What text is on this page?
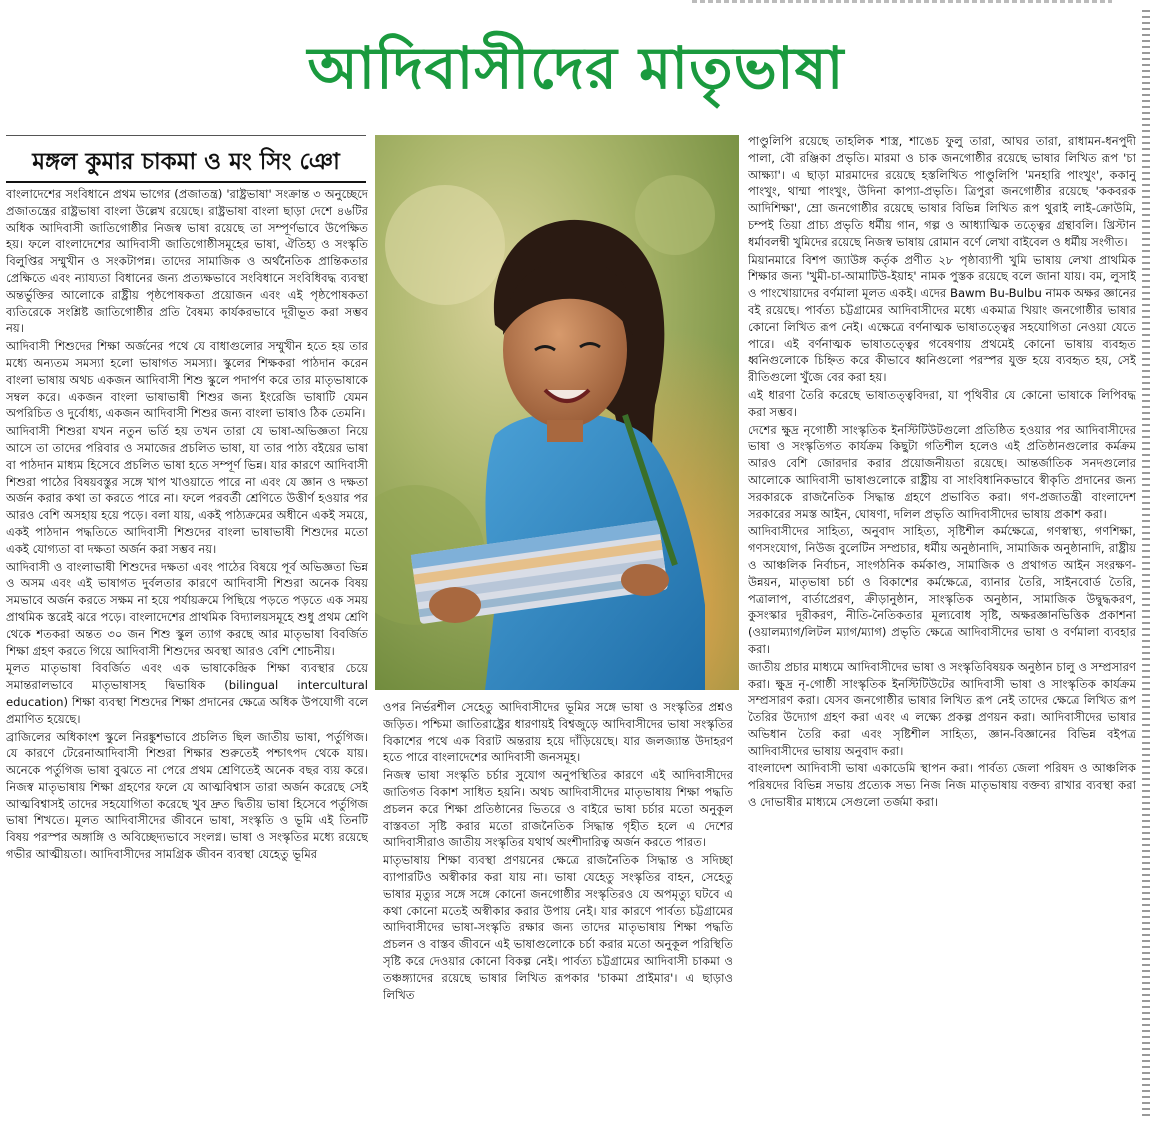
আদিবাসীদের মাতৃভাষা
মঙ্গল কুমার চাকমা ও মং সিং ঞো

বাংলাদেশের সংবিধানে প্রথম ভাগের (প্রজাতন্ত্র) 'রাষ্ট্রভাষা' সংক্রান্ত ৩ অনুচ্ছেদে প্রজাতন্ত্রের রাষ্ট্রভাষা বাংলা উল্লেখ রয়েছে। রাষ্ট্রভাষা বাংলা ছাড়া দেশে ৪৬টির অধিক আদিবাসী জাতিগোষ্ঠীর নিজস্ব ভাষা রয়েছে তা সম্পূর্ণভাবে উপেক্ষিত হয়। ফলে বাংলাদেশের আদিবাসী জাতিগোষ্ঠীসমূহের ভাষা, ঐতিহ্য ও সংস্কৃতি বিলুপ্তির সম্মুখীন ও সংকটাপন্ন। তাদের সামাজিক ও অর্থনৈতিক প্রান্তিকতার প্রেক্ষিতে এবং ন্যায্যতা বিধানের জন্য প্রত্যক্ষভাবে সংবিধানে সংবিধিবদ্ধ ব্যবস্থা অন্তর্ভুক্তির আলোকে রাষ্ট্রীয় পৃষ্ঠপোষকতা প্রয়োজন এবং এই পৃষ্ঠপোষকতা ব্যতিরেকে সংশ্লিষ্ট জাতিগোষ্ঠীর প্রতি বৈষম্য কার্যকরভাবে দূরীভূত করা সম্ভব নয়।

আদিবাসী শিশুদের শিক্ষা অর্জনের পথে যে বাধাগুলোর সম্মুখীন হতে হয় তার মধ্যে অন্যতম সমস্যা হলো ভাষাগত সমস্যা। স্কুলের শিক্ষকরা পাঠদান করেন বাংলা ভাষায় অথচ একজন আদিবাসী শিশু স্কুলে পদার্পণ করে তার মাতৃভাষাকে সম্বল করে। একজন বাংলা ভাষাভাষী শিশুর জন্য ইংরেজি ভাষাটি যেমন অপরিচিত ও দুর্বোধ্য, একজন আদিবাসী শিশুর জন্য বাংলা ভাষাও ঠিক তেমনি।

আদিবাসী শিশুরা যখন নতুন ভর্তি হয় তখন তারা যে ভাষা-অভিজ্ঞতা নিয়ে আসে তা তাদের পরিবার ও সমাজের প্রচলিত ভাষা, যা তার পাঠ্য বইয়ের ভাষা বা পাঠদান মাধ্যম হিসেবে প্রচলিত ভাষা হতে সম্পূর্ণ ভিন্ন। যার কারণে আদিবাসী শিশুরা পাঠের বিষয়বস্তুর সঙ্গে খাপ খাওয়াতে পারে না এবং যে জ্ঞান ও দক্ষতা অর্জন করার কথা তা করতে পারে না। ফলে পরবর্তী শ্রেণিতে উত্তীর্ণ হওয়ার পর আরও বেশি অসহায় হয়ে পড়ে। বলা যায়, একই পাঠ্যক্রমের অধীনে একই সময়ে, একই পাঠদান পদ্ধতিতে আদিবাসী শিশুদের বাংলা ভাষাভাষী শিশুদের মতো একই যোগ্যতা বা দক্ষতা অর্জন করা সম্ভব নয়।

আদিবাসী ও বাংলাভাষী শিশুদের দক্ষতা এবং পাঠের বিষয়ে পূর্ব অভিজ্ঞতা ভিন্ন ও অসম এবং এই ভাষাগত দুর্বলতার কারণে আদিবাসী শিশুরা অনেক বিষয় সমভাবে অর্জন করতে সক্ষম না হয়ে পর্যায়ক্রমে পিছিয়ে পড়তে পড়তে এক সময় প্রাথমিক স্তরেই ঝরে পড়ে। বাংলাদেশের প্রাথমিক বিদ্যালয়সমূহে শুধু প্রথম শ্রেণি থেকে শতকরা অন্তত ৩০ জন শিশু স্কুল ত্যাগ করছে আর মাতৃভাষা বিবর্জিত শিক্ষা গ্রহণ করতে গিয়ে আদিবাসী শিশুদের অবস্থা আরও বেশি শোচনীয়।

মূলত মাতৃভাষা বিবর্জিত এবং এক ভাষাকেন্দ্রিক শিক্ষা ব্যবস্থার চেয়ে সমান্তরালভাবে মাতৃভাষাসহ দ্বিভাষিক (bilingual intercultural education) শিক্ষা ব্যবস্থা শিশুদের শিক্ষা প্রদানের ক্ষেত্রে অধিক উপযোগী বলে প্রমাণিত হয়েছে।

ব্রাজিলের অধিকাংশ স্কুলে নিরঙ্কুশভাবে প্রচলিত ছিল জাতীয় ভাষা, পর্তুগিজ। যে কারণে টেরেনাআদিবাসী শিশুরা শিক্ষার শুরুতেই পশ্চাৎপদ থেকে যায়। অনেকে পর্তুগিজ ভাষা বুঝতে না পেরে প্রথম শ্রেণিতেই অনেক বছর ব্যয় করে। নিজস্ব মাতৃভাষায় শিক্ষা গ্রহণের ফলে যে আত্মবিশ্বাস তারা অর্জন করেছে সেই আত্মবিশ্বাসই তাদের সহযোগিতা করেছে খুব দ্রুত দ্বিতীয় ভাষা হিসেবে পর্তুগিজ ভাষা শিখতে। মূলত আদিবাসীদের জীবনে ভাষা, সংস্কৃতি ও ভূমি এই তিনটি বিষয় পরস্পর অঙ্গাঙ্গি ও অবিচ্ছেদ্যভাবে সংলগ্ন। ভাষা ও সংস্কৃতির মধ্যে রয়েছে গভীর আত্মীয়তা। আদিবাসীদের সামগ্রিক জীবন ব্যবস্থা যেহেতু ভূমির

ওপর নির্ভরশীল সেহেতু আদিবাসীদের ভূমির সঙ্গে ভাষা ও সংস্কৃতির প্রশ্নও জড়িত। পশ্চিমা জাতিরাষ্ট্রের ধারণায়ই বিশ্বজুড়ে আদিবাসীদের ভাষা সংস্কৃতির বিকাশের পথে এক বিরাট অন্তরায় হয়ে দাঁড়িয়েছে। যার জলজ্যান্ত উদাহরণ হতে পারে বাংলাদেশের আদিবাসী জনসমূহ।

নিজস্ব ভাষা সংস্কৃতি চর্চার সুযোগ অনুপস্থিতির কারণে এই আদিবাসীদের জাতিগত বিকাশ সাধিত হয়নি। অথচ আদিবাসীদের মাতৃভাষায় শিক্ষা পদ্ধতি প্রচলন করে শিক্ষা প্রতিষ্ঠানের ভিতরে ও বাইরে ভাষা চর্চার মতো অনুকূল বাস্তবতা সৃষ্টি করার মতো রাজনৈতিক সিদ্ধান্ত গৃহীত হলে এ দেশের আদিবাসীরাও জাতীয় সংস্কৃতির যথার্থ অংশীদারিত্ব অর্জন করতে পারত।

মাতৃভাষায় শিক্ষা ব্যবস্থা প্রণয়নের ক্ষেত্রে রাজনৈতিক সিদ্ধান্ত ও সদিচ্ছা ব্যাপারটিও অস্বীকার করা যায় না। ভাষা যেহেতু সংস্কৃতির বাহন, সেহেতু ভাষার মৃত্যুর সঙ্গে সঙ্গে কোনো জনগোষ্ঠীর সংস্কৃতিরও যে অপমৃত্যু ঘটবে এ কথা কোনো মতেই অস্বীকার করার উপায় নেই। যার কারণে পার্বত্য চট্টগ্রামের আদিবাসীদের ভাষা-সংস্কৃতি রক্ষার জন্য তাদের মাতৃভাষায় শিক্ষা পদ্ধতি প্রচলন ও বাস্তব জীবনে এই ভাষাগুলোকে চর্চা করার মতো অনুকূল পরিস্থিতি সৃষ্টি করে দেওয়ার কোনো বিকল্প নেই। পার্বত্য চট্টগ্রামের আদিবাসী চাকমা ও তঞ্চঙ্গ্যাদের রয়েছে ভাষার লিখিত রূপকার 'চাকমা প্রাইমার'। এ ছাড়াও লিখিত

পাণ্ডুলিপি রয়েছে তাহলিক শাস্ত্র, শাঙেচ ফুলু তারা, আঘর তারা, রাধামন-ধনপুদী পালা, বৌ রঞ্জিকা প্রভৃতি। মারমা ও চাক জনগোষ্ঠীর রয়েছে ভাষার লিখিত রূপ 'চা আক্ষ্যা'। এ ছাড়া মারমাদের রয়েছে হস্তলিখিত পাণ্ডুলিপি 'মনহারি পাংখুং', ককানু পাংখুং, থাম্মা পাংখুং, উদিনা কাপ্যা-প্রভৃতি। ত্রিপুরা জনগোষ্ঠীর রয়েছে 'ককবরক আদিশিক্ষা', ম্রো জনগোষ্ঠীর রয়েছে ভাষার বিভিন্ন লিখিত রূপ থুরাই লাই-ক্রোউমি, চম্পই তিয়া প্রাচ্য প্রভৃতি ধর্মীয় গান, গল্প ও আধ্যাত্মিক তত্ত্বের গ্রন্থাবলি। খ্রিস্টান ধর্মাবলম্বী খুমিদের রয়েছে নিজস্ব ভাষায় রোমান বর্ণে লেখা বাইবেল ও ধর্মীয় সংগীত।

মিয়ানমারে বিশপ জ্যাউঙ্গ কর্তৃক প্রণীত ২৮ পৃষ্ঠাব্যাপী খুমি ভাষায় লেখা প্রাথমিক শিক্ষার জন্য 'খুমী-চা-আমাটিউ-ইয়াহ' নামক পুস্তক রয়েছে বলে জানা যায়। বম, লুসাই ও পাংখোয়াদের বর্ণমালা মূলত একই। এদের Bawm Bu-Bulbu নামক অক্ষর জ্ঞানের বই রয়েছে। পার্বত্য চট্টগ্রামের আদিবাসীদের মধ্যে একমাত্র খিয়াং জনগোষ্ঠীর ভাষার কোনো লিখিত রূপ নেই। এক্ষেত্রে বর্ণনাত্মক ভাষাতত্ত্বের সহযোগিতা নেওয়া যেতে পারে। এই বর্ণনাত্মক ভাষাতত্ত্বের গবেষণায় প্রথমেই কোনো ভাষায় ব্যবহৃত ধ্বনিগুলোকে চিহ্নিত করে কীভাবে ধ্বনিগুলো পরস্পর যুক্ত হয়ে ব্যবহৃত হয়, সেই রীতিগুলো খুঁজে বের করা হয়।

এই ধারণা তৈরি করেছে ভাষাতত্ত্ববিদরা, যা পৃথিবীর যে কোনো ভাষাকে লিপিবদ্ধ করা সম্ভব।

দেশের ক্ষুদ্র নৃগোষ্ঠী সাংস্কৃতিক ইনস্টিটিউটগুলো প্রতিষ্ঠিত হওয়ার পর আদিবাসীদের ভাষা ও সংস্কৃতিগত কার্যক্রম কিছুটা গতিশীল হলেও এই প্রতিষ্ঠানগুলোর কর্মক্রম আরও বেশি জোরদার করার প্রয়োজনীয়তা রয়েছে। আন্তর্জাতিক সনদগুলোর আলোকে আদিবাসী ভাষাগুলোকে রাষ্ট্রীয় বা সাংবিধানিকভাবে স্বীকৃতি প্রদানের জন্য সরকারকে রাজনৈতিক সিদ্ধান্ত গ্রহণে প্রভাবিত করা। গণ-প্রজাতন্ত্রী বাংলাদেশ সরকারের সমস্ত আইন, ঘোষণা, দলিল প্রভৃতি আদিবাসীদের ভাষায় প্রকাশ করা।

আদিবাসীদের সাহিত্য, অনুবাদ সাহিত্য, সৃষ্টিশীল কর্মক্ষেত্রে, গণস্বাস্থ্য, গণশিক্ষা, গণসংযোগ, নিউজ বুলেটিন সম্প্রচার, ধর্মীয় অনুষ্ঠানাদি, সামাজিক অনুষ্ঠানাদি, রাষ্ট্রীয় ও আঞ্চলিক নির্বাচন, সাংগঠনিক কর্মকাণ্ড, সামাজিক ও প্রথাগত আইন সংরক্ষণ-উন্নয়ন, মাতৃভাষা চর্চা ও বিকাশের কর্মক্ষেত্রে, ব্যানার তৈরি, সাইনবোর্ড তৈরি, পত্রালাপ, বার্তাপ্রেরণ, ক্রীড়ানুষ্ঠান, সাংস্কৃতিক অনুষ্ঠান, সামাজিক উদ্বুদ্ধকরণ, কুসংস্কার দূরীকরণ, নীতি-নৈতিকতার মূল্যবোধ সৃষ্টি, অক্ষরজ্ঞানভিত্তিক প্রকাশনা (ওয়ালম্যাগ/লিটল ম্যাগ/ম্যাগ) প্রভৃতি ক্ষেত্রে আদিবাসীদের ভাষা ও বর্ণমালা ব্যবহার করা।

জাতীয় প্রচার মাধ্যমে আদিবাসীদের ভাষা ও সংস্কৃতিবিষয়ক অনুষ্ঠান চালু ও সম্প্রসারণ করা। ক্ষুদ্র নৃ-গোষ্ঠী সাংস্কৃতিক ইনস্টিটিউটের আদিবাসী ভাষা ও সাংস্কৃতিক কার্যক্রম সম্প্রসারণ করা। যেসব জনগোষ্ঠীর ভাষার লিখিত রূপ নেই তাদের ক্ষেত্রে লিখিত রূপ তৈরির উদ্যোগ গ্রহণ করা এবং এ লক্ষ্যে প্রকল্প প্রণয়ন করা। আদিবাসীদের ভাষার অভিধান তৈরি করা এবং সৃষ্টিশীল সাহিত্য, জ্ঞান-বিজ্ঞানের বিভিন্ন বইপত্র আদিবাসীদের ভাষায় অনুবাদ করা।

বাংলাদেশ আদিবাসী ভাষা একাডেমি স্থাপন করা। পার্বত্য জেলা পরিষদ ও আঞ্চলিক পরিষদের বিভিন্ন সভায় প্রত্যেক সভ্য নিজ নিজ মাতৃভাষায় বক্তব্য রাখার ব্যবস্থা করা ও দোভাষীর মাধ্যমে সেগুলো তর্জমা করা।
